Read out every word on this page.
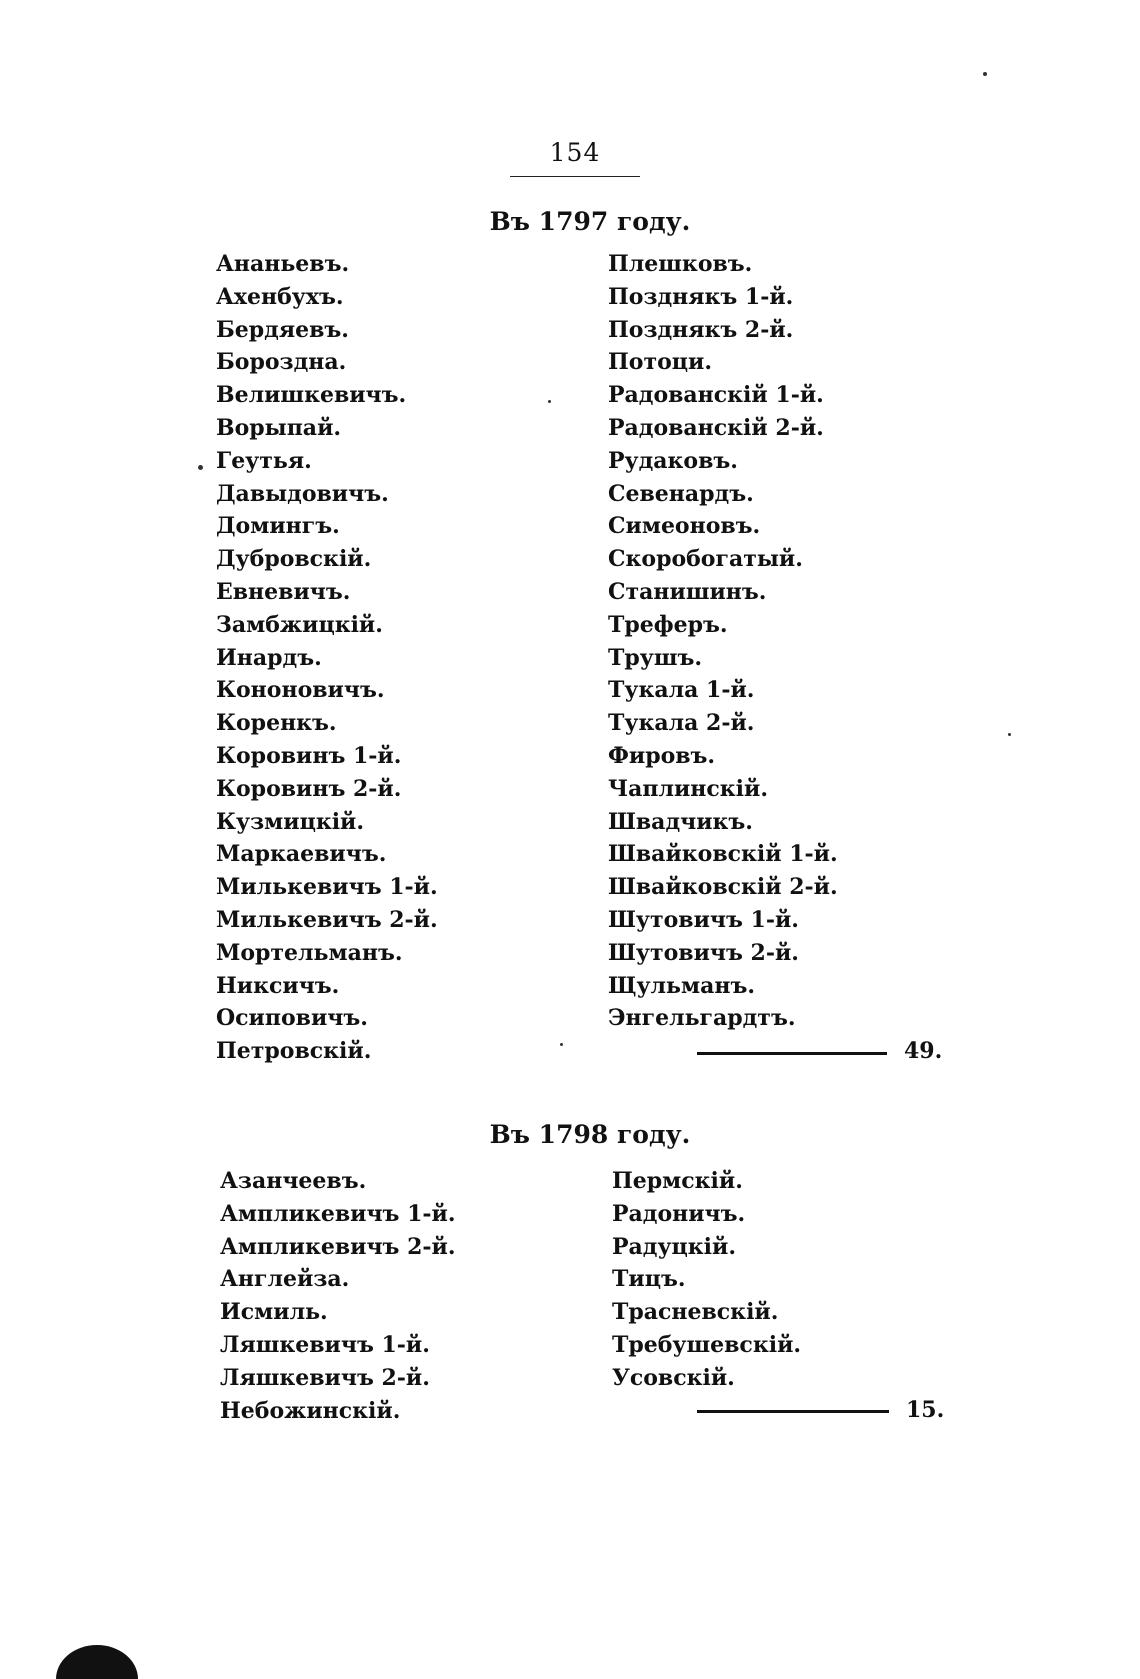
154
Въ 1797 году.
Ананьевъ.
Ахенбухъ.
Бердяевъ.
Борозднa.
Велишкевичъ.
Ворыпай.
Геутья.
Давыдовичъ.
Домингъ.
Дубровскій.
Евневичъ.
Замбжицкій.
Инардъ.
Кононовичъ.
Коренкъ.
Коровинъ 1-й.
Коровинъ 2-й.
Кузмицкій.
Маркаевичъ.
Милькевичъ 1-й.
Милькевичъ 2-й.
Мортельманъ.
Никсичъ.
Осиповичъ.
Петровскій.
Плешковъ.
Позднякъ 1-й.
Позднякъ 2-й.
Потоци.
Радованскій 1-й.
Радованскій 2-й.
Рудаковъ.
Севенардъ.
Симеоновъ.
Скоробогатый.
Станишинъ.
Треферъ.
Трушъ.
Тукала 1-й.
Тукала 2-й.
Фировъ.
Чаплинскій.
Швадчикъ.
Швайковскій 1-й.
Швайковскій 2-й.
Шутовичъ 1-й.
Шутовичъ 2-й.
Щульманъ.
Энгельгардтъ.
49.
Въ 1798 году.
Азанчеевъ.
Ампликевичъ 1-й.
Ампликевичъ 2-й.
Англейза.
Исмиль.
Ляшкевичъ 1-й.
Ляшкевичъ 2-й.
Небожинскій.
Пермскій.
Радоничъ.
Радуцкій.
Тицъ.
Трасневскій.
Требушевскій.
Усовскій.
15.
